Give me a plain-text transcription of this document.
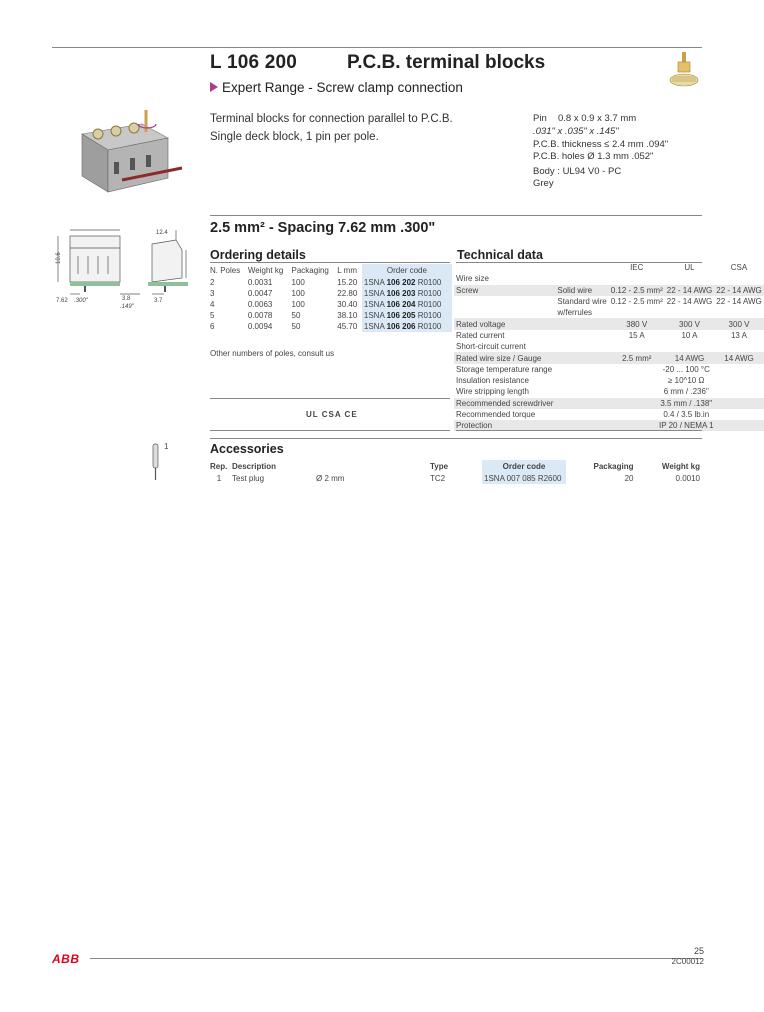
L 106 200	P.C.B. terminal blocks
Expert Range - Screw clamp connection
Terminal blocks for connection parallel to P.C.B.
Single deck block, 1 pin per pole.
Pin 0.8 x 0.9 x 3.7 mm
.031" x .035" x .145"
P.C.B. thickness ≤ 2.4 mm .094"
P.C.B. holes Ø 1.3 mm .052"
Body : UL94 V0 - PC
Grey
2.5 mm² - Spacing 7.62 mm .300"
10.6
7.62 .300"	3.8
.149"
12.4
3.7
Ordering details
N. Poles	Weight kg	Packaging	L mm	Order code
2	0.0031	100	15.20	1SNA 106 202 R0100
3	0.0047	100	22.80	1SNA 106 203 R0100
4	0.0063	100	30.40	1SNA 106 204 R0100
5	0.0078	50	38.10	1SNA 106 205 R0100
6	0.0094	50	45.70	1SNA 106 206 R0100
Other numbers of poles, consult us
UL CSA CE
Technical data
		IEC	UL	CSA
Wire size				
Screw	Solid wire	0.12 - 2.5 mm²	22 - 14 AWG	22 - 14 AWG
	Standard wire	0.12 - 2.5 mm²	22 - 14 AWG	22 - 14 AWG
	w/ferrules			
Rated voltage		380 V	300 V	300 V
Rated current		15 A	10 A	13 A
Short-circuit current				
Rated wire size / Gauge		2.5 mm²	14 AWG	14 AWG
Storage temperature range		-20 ... 100 °C		
Insulation resistance		≥ 10^10 Ω		
Wire stripping length		6 mm / .236"		
Recommended screwdriver		3.5 mm / .138"		
Recommended torque		0.4 / 3.5 lb.in		
Protection		IP 20 / NEMA 1		
1	Accessories
Rep.	Description		Type	Order code	Packaging	Weight kg
1	Test plug	Ø 2 mm	TC2	1SNA 007 085 R2600	20	0.0010
ABB
25
2C00012
